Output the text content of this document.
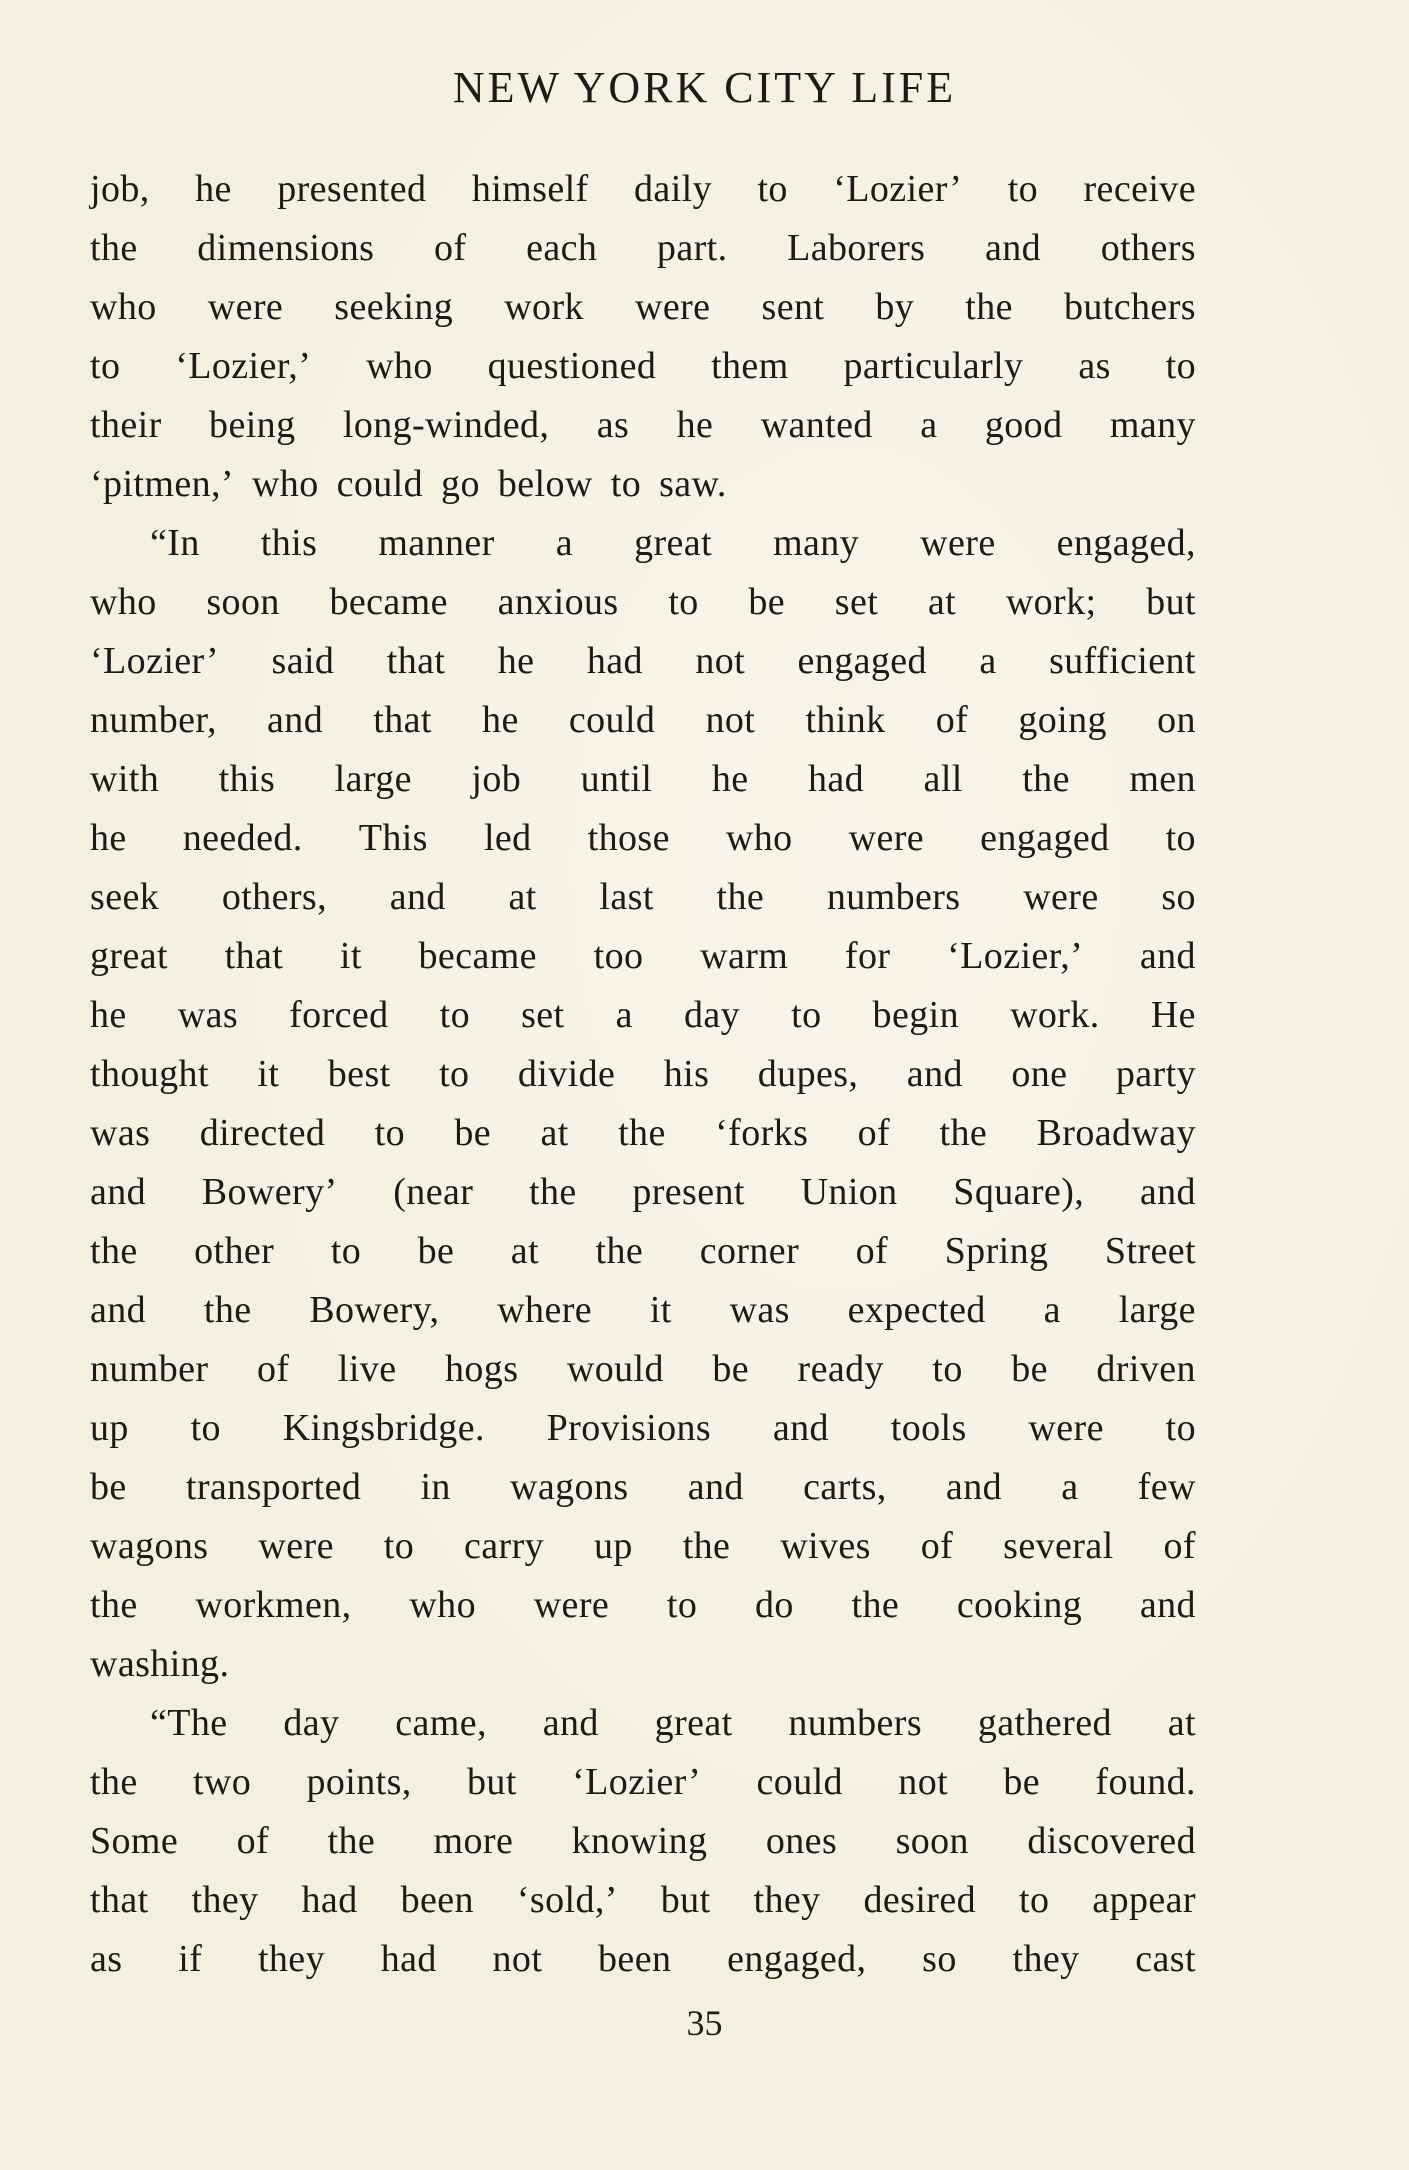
NEW YORK CITY LIFE
job, he presented himself daily to ‘Lozier’ to receive
the dimensions of each part. Laborers and others
who were seeking work were sent by the butchers
to ‘Lozier,’ who questioned them particularly as to
their being long-winded, as he wanted a good many
‘pitmen,’ who could go below to saw.
“In this manner a great many were engaged,
who soon became anxious to be set at work; but
‘Lozier’ said that he had not engaged a sufficient
number, and that he could not think of going on
with this large job until he had all the men
he needed. This led those who were engaged to
seek others, and at last the numbers were so
great that it became too warm for ‘Lozier,’ and
he was forced to set a day to begin work. He
thought it best to divide his dupes, and one party
was directed to be at the ‘forks of the Broadway
and Bowery’ (near the present Union Square), and
the other to be at the corner of Spring Street
and the Bowery, where it was expected a large
number of live hogs would be ready to be driven
up to Kingsbridge. Provisions and tools were to
be transported in wagons and carts, and a few
wagons were to carry up the wives of several of
the workmen, who were to do the cooking and
washing.
“The day came, and great numbers gathered at
the two points, but ‘Lozier’ could not be found.
Some of the more knowing ones soon discovered
that they had been ‘sold,’ but they desired to appear
as if they had not been engaged, so they cast
35
